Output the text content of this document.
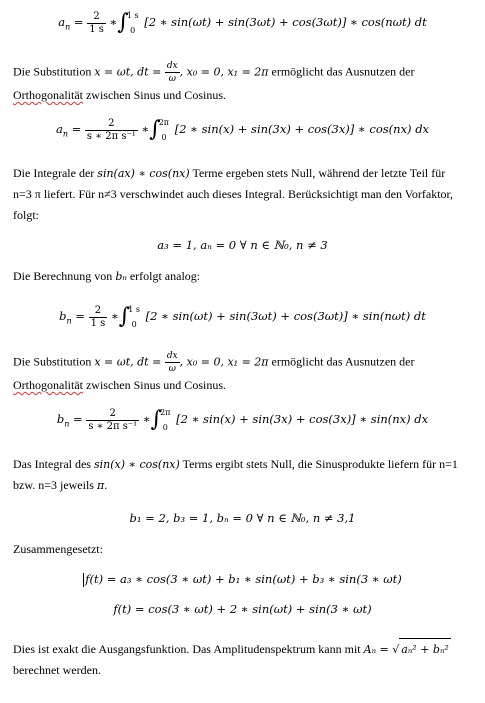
$a_n = \frac{2}{1 s}$ ∗∫
1 s
0
[2 ∗ sin(ωt) + sin(3ωt) + cos(3ωt)] ∗ cos(nωt) dt
Die Substitution x = ωt, dt = $\frac{dx}{\omega}$ , x₀ = 0, x₁ = 2π ermöglicht das Ausnutzen der
Orthogonalität zwischen Sinus und Cosinus.
$a_n = \frac{2}{\text{s ∗ 2π s⁻¹}}$ ∗∫
2π
0
[2 ∗ sin(x) + sin(3x) + cos(3x)] ∗ cos(nx) dx
Die Integrale der sin(ax) ∗ cos(nx) Terme ergeben stets Null, während der letzte Teil für
n=3 π liefert. Für n≠3 verschwindet auch dieses Integral. Berücksichtigt man den Vorfaktor,
folgt:
a₃ = 1, aₙ = 0 ∀ n ∈ ℕ₀, n ≠ 3
Die Berechnung von bₙ erfolgt analog:
$b_n = \frac{2}{1 s}$ ∗∫
1 s
0
[2 ∗ sin(ωt) + sin(3ωt) + cos(3ωt)] ∗ sin(nωt) dt
Die Substitution x = ωt, dt = $\frac{dx}{\omega}$ , x₀ = 0, x₁ = 2π ermöglicht das Ausnutzen der
Orthogonalität zwischen Sinus und Cosinus.
$b_n = \frac{2}{\text{s ∗ 2π s⁻¹}}$ ∗∫
2π
0
[2 ∗ sin(x) + sin(3x) + cos(3x)] ∗ sin(nx) dx
Das Integral des sin(x) ∗ cos(nx) Terms ergibt stets Null, die Sinusprodukte liefern für n=1
bzw. n=3 jeweils π.
b₁ = 2, b₃ = 1, bₙ = 0 ∀ n ∈ ℕ₀, n ≠ 3,1
Zusammengesetzt:
f(t) = a₃ ∗ cos(3 ∗ ωt) + b₁ ∗ sin(ωt) + b₃ ∗ sin(3 ∗ ωt)
f(t) = cos(3 ∗ ωt) + 2 ∗ sin(ωt) + sin(3 ∗ ωt)
Dies ist exakt die Ausgangsfunktion. Das Amplitudenspektrum kann mit Aₙ = √ aₙ² + bₙ²
berechnet werden.
